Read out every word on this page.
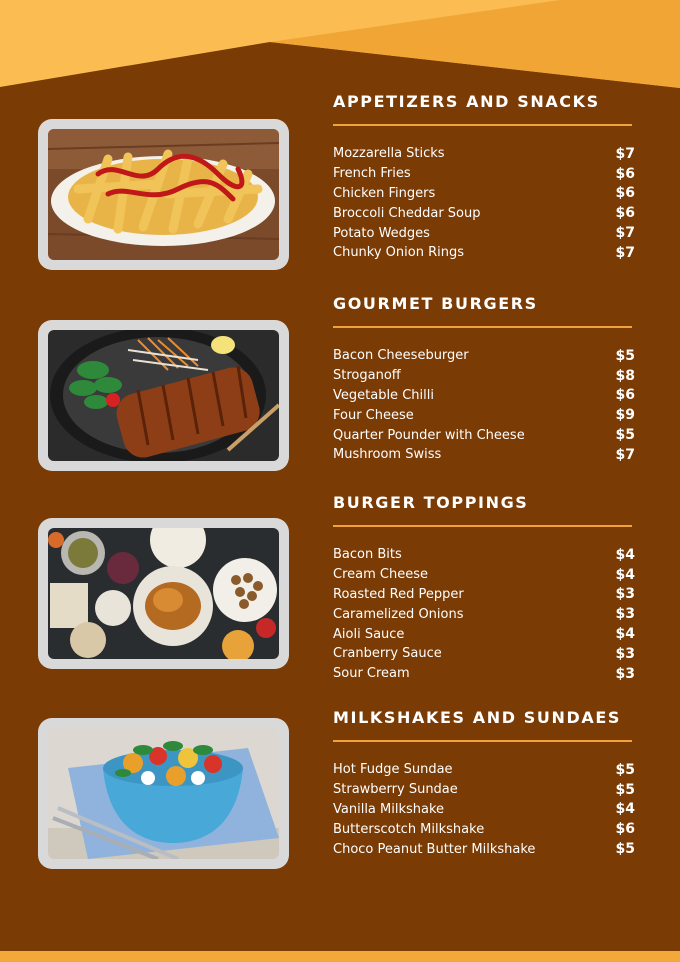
APPETIZERS AND SNACKS
Mozzarella Sticks	$7
French Fries	$6
Chicken Fingers	$6
Broccoli Cheddar Soup	$6
Potato Wedges	$7
Chunky Onion Rings	$7
GOURMET BURGERS
Bacon Cheeseburger	$5
Stroganoff	$8
Vegetable Chilli	$6
Four Cheese	$9
Quarter Pounder with Cheese	$5
Mushroom Swiss	$7
BURGER TOPPINGS
Bacon Bits	$4
Cream Cheese	$4
Roasted Red Pepper	$3
Caramelized Onions	$3
Aioli Sauce	$4
Cranberry Sauce	$3
Sour Cream	$3
MILKSHAKES AND SUNDAES
Hot Fudge Sundae	$5
Strawberry Sundae	$5
Vanilla Milkshake	$4
Butterscotch Milkshake	$6
Choco Peanut Butter Milkshake	$5
